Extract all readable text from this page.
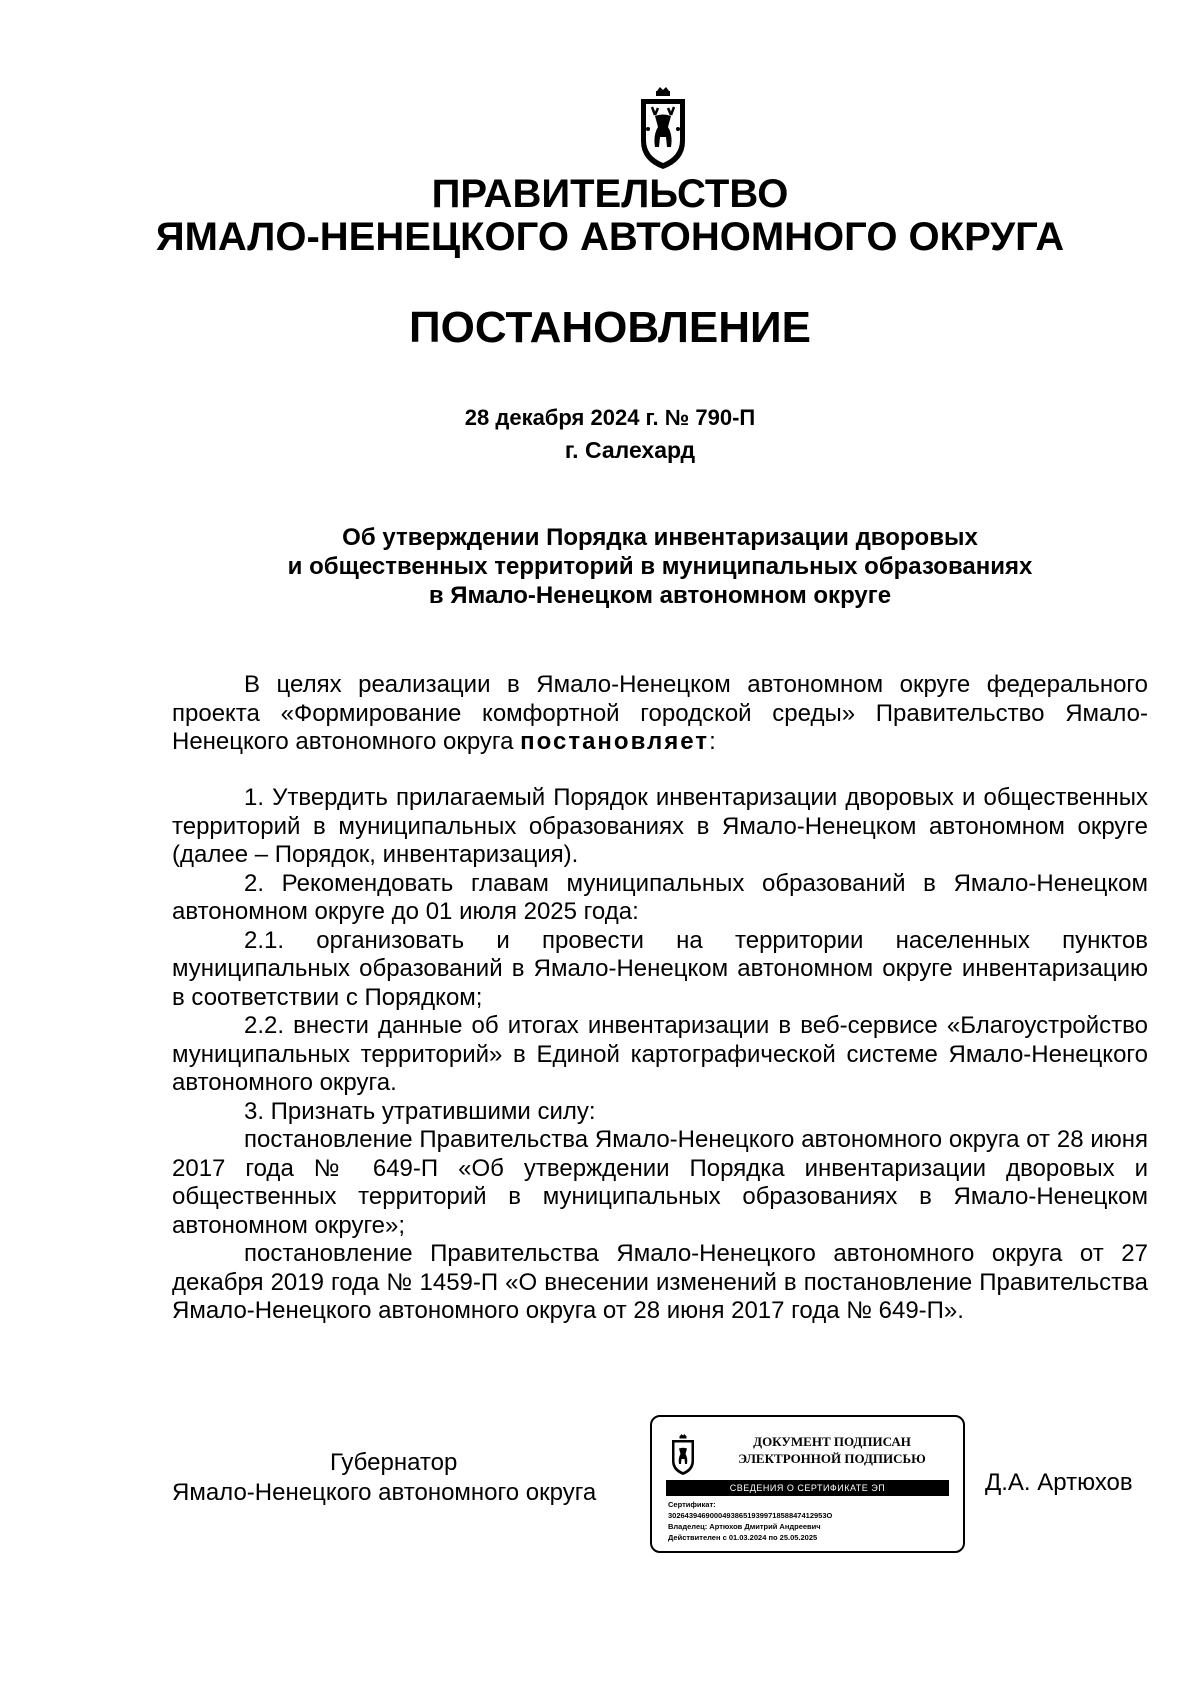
ПРАВИТЕЛЬСТВО
ЯМАЛО-НЕНЕЦКОГО АВТОНОМНОГО ОКРУГА
ПОСТАНОВЛЕНИЕ
28 декабря 2024 г. № 790-П
г. Салехард
Об утверждении Порядка инвентаризации дворовых
и общественных территорий в муниципальных образованиях
в Ямало-Ненецком автономном округе

В целях реализации в Ямало-Ненецком автономном округе федерального проекта «Формирование комфортной городской среды» Правительство Ямало-Ненецкого автономного округа постановляет:

1. Утвердить прилагаемый Порядок инвентаризации дворовых и общественных территорий в муниципальных образованиях в Ямало-Ненецком автономном округе (далее – Порядок, инвентаризация).

2. Рекомендовать главам муниципальных образований в Ямало-Ненецком автономном округе до 01 июля 2025 года:

2.1. организовать и провести на территории населенных пунктов муниципальных образований в Ямало-Ненецком автономном округе инвентаризацию в соответствии с Порядком;

2.2. внести данные об итогах инвентаризации в веб-сервисе «Благоустройство муниципальных территорий» в Единой картографической системе Ямало-Ненецкого автономного округа.

3. Признать утратившими силу:

постановление Правительства Ямало-Ненецкого автономного округа от 28 июня 2017 года № 649-П «Об утверждении Порядка инвентаризации дворовых и общественных территорий в муниципальных образованиях в Ямало-Ненецком автономном округе»;

постановление Правительства Ямало-Ненецкого автономного округа от 27 декабря 2019 года № 1459-П «О внесении изменений в постановление Правительства Ямало-Ненецкого автономного округа от 28 июня 2017 года № 649-П».

Губернатор
Ямало-Ненецкого автономного округа
ДОКУМЕНТ ПОДПИСАН
ЭЛЕКТРОННОЙ ПОДПИСЬЮ
СВЕДЕНИЯ О СЕРТИФИКАТЕ ЭП
Сертификат:
30264394690004938651939971858847412953О
Владелец: Артюхов Дмитрий Андреевич
Действителен с 01.03.2024 по 25.05.2025
Д.А. Артюхов
